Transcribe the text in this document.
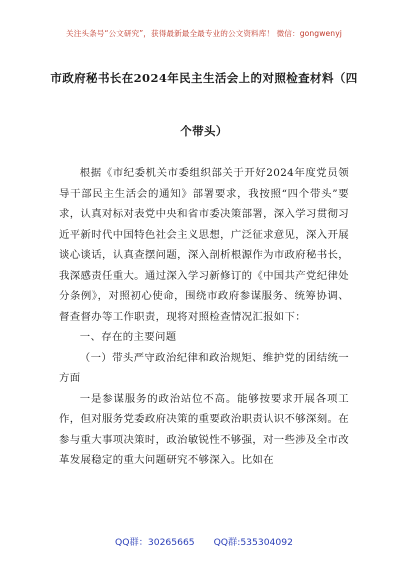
关注头条号“公文研究”，获得最新最全最专业的公文资料库！ 微信：gongwenyj
市政府秘书长在2024年民主生活会上的对照检查材料（四
个带头）

根据《市纪委机关市委组织部关于开好2024年度党员领导干部民主生活会的通知》部署要求，我按照“四个带头”要求，认真对标对表党中央和省市委决策部署，深入学习贯彻习近平新时代中国特色社会主义思想，广泛征求意见，深入开展谈心谈话，认真查摆问题，深入剖析根源作为市政府秘书长，我深感责任重大。通过深入学习新修订的《中国共产党纪律处分条例》，对照初心使命，围绕市政府参谋服务、统筹协调、督查督办等工作职责，现将对照检查情况汇报如下：

一、存在的主要问题

（一）带头严守政治纪律和政治规矩、维护党的团结统一方面

一是参谋服务的政治站位不高。能够按要求开展各项工作，但对服务党委政府决策的重要政治职责认识不够深刻。在参与重大事项决策时，政治敏锐性不够强，对一些涉及全市改革发展稳定的重大问题研究不够深入。比如在

QQ群：30265665 QQ群:535304092
